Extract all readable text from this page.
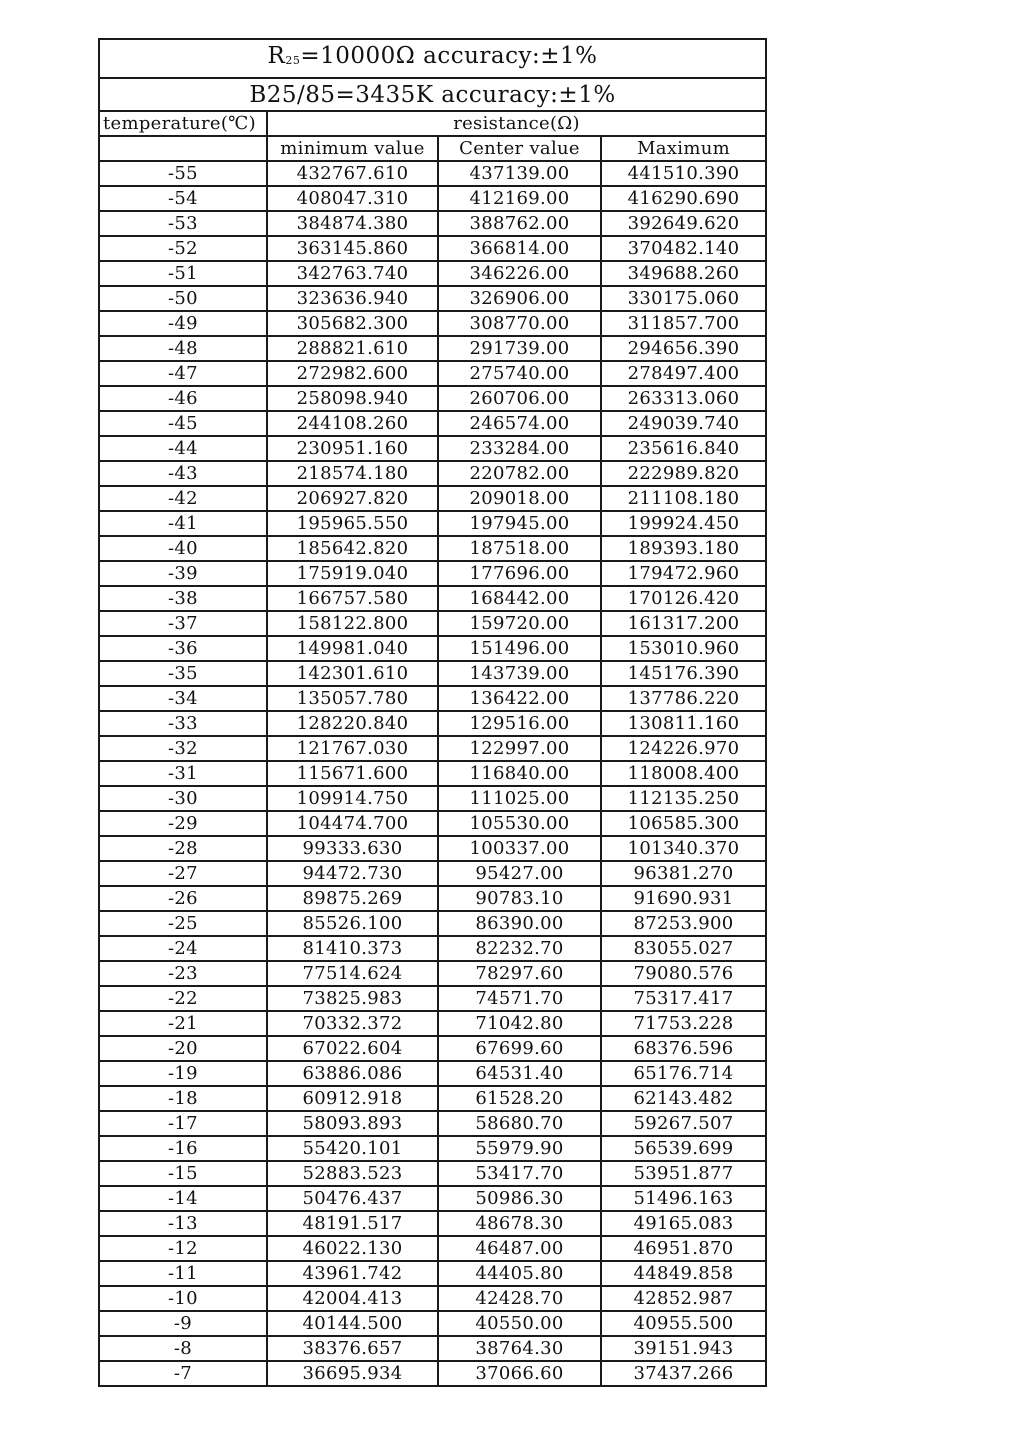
R25=10000Ω accuracy:±1%			
B25/85=3435K accuracy:±1%			
temperature(℃)	resistance(Ω)		
	minimum value	Center value	Maximum
-55	432767.610	437139.00	441510.390
-54	408047.310	412169.00	416290.690
-53	384874.380	388762.00	392649.620
-52	363145.860	366814.00	370482.140
-51	342763.740	346226.00	349688.260
-50	323636.940	326906.00	330175.060
-49	305682.300	308770.00	311857.700
-48	288821.610	291739.00	294656.390
-47	272982.600	275740.00	278497.400
-46	258098.940	260706.00	263313.060
-45	244108.260	246574.00	249039.740
-44	230951.160	233284.00	235616.840
-43	218574.180	220782.00	222989.820
-42	206927.820	209018.00	211108.180
-41	195965.550	197945.00	199924.450
-40	185642.820	187518.00	189393.180
-39	175919.040	177696.00	179472.960
-38	166757.580	168442.00	170126.420
-37	158122.800	159720.00	161317.200
-36	149981.040	151496.00	153010.960
-35	142301.610	143739.00	145176.390
-34	135057.780	136422.00	137786.220
-33	128220.840	129516.00	130811.160
-32	121767.030	122997.00	124226.970
-31	115671.600	116840.00	118008.400
-30	109914.750	111025.00	112135.250
-29	104474.700	105530.00	106585.300
-28	99333.630	100337.00	101340.370
-27	94472.730	95427.00	96381.270
-26	89875.269	90783.10	91690.931
-25	85526.100	86390.00	87253.900
-24	81410.373	82232.70	83055.027
-23	77514.624	78297.60	79080.576
-22	73825.983	74571.70	75317.417
-21	70332.372	71042.80	71753.228
-20	67022.604	67699.60	68376.596
-19	63886.086	64531.40	65176.714
-18	60912.918	61528.20	62143.482
-17	58093.893	58680.70	59267.507
-16	55420.101	55979.90	56539.699
-15	52883.523	53417.70	53951.877
-14	50476.437	50986.30	51496.163
-13	48191.517	48678.30	49165.083
-12	46022.130	46487.00	46951.870
-11	43961.742	44405.80	44849.858
-10	42004.413	42428.70	42852.987
-9	40144.500	40550.00	40955.500
-8	38376.657	38764.30	39151.943
-7	36695.934	37066.60	37437.266
